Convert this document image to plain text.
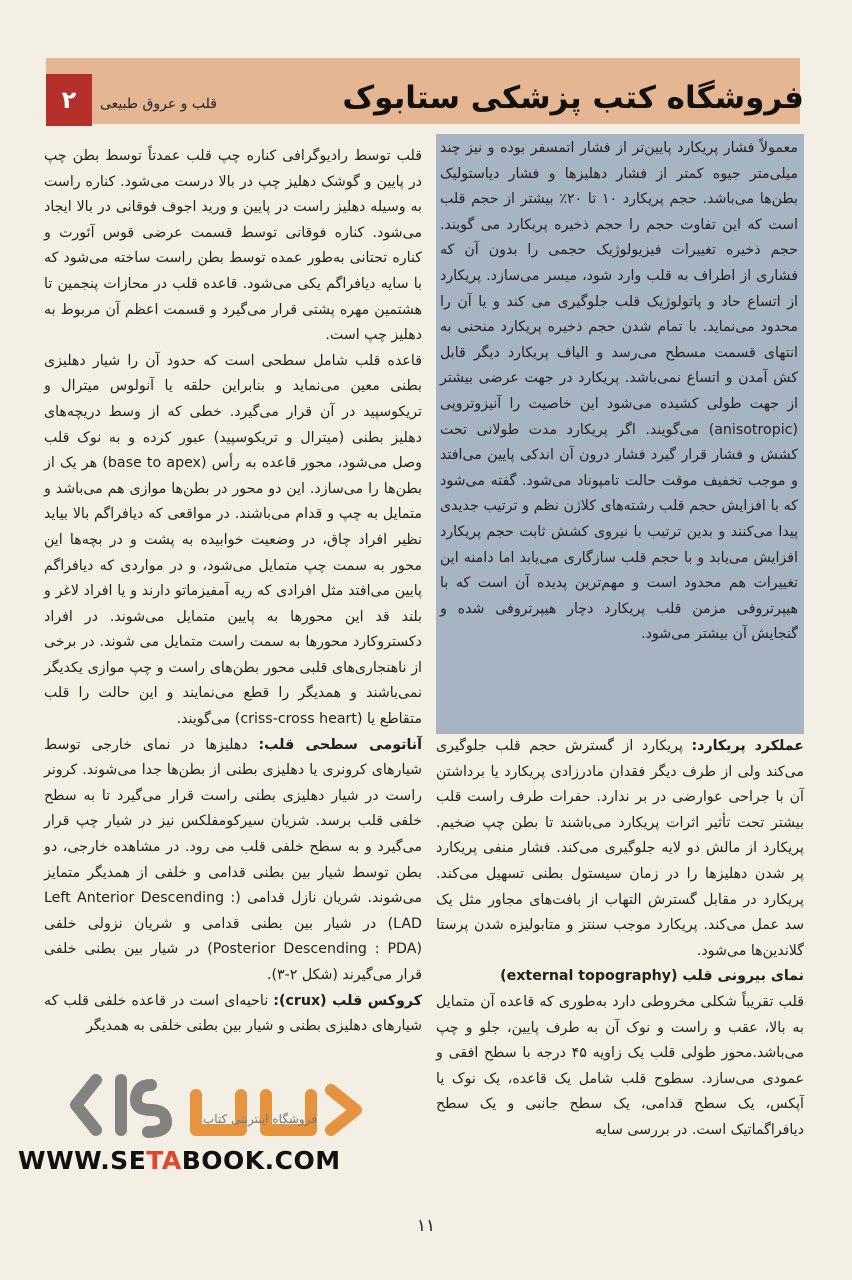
۲	قلب و عروق طبیعی	فروشگاه کتب پزشکی ستابوک

قلب توسط رادیوگرافی کناره چپ قلب عمدتاً توسط بطن چپ در پایین و گوشک دهلیز چپ در بالا درست می‌شود. کناره راست به وسیله دهلیز راست در پایین و ورید اجوف فوقانی در بالا ایجاد می‌شود. کناره فوقانی توسط قسمت عرضی قوس آئورت و کناره تحتانی به‌طور عمده توسط بطن راست ساخته می‌شود که با سایه دیافراگم یکی می‌شود. قاعده قلب در محازات پنجمین تا هشتمین مهره پشتی قرار می‌گیرد و قسمت اعظم آن مربوط به دهلیز چپ است.

قاعده قلب شامل سطحی است که حدود آن را شیار دهلیزی بطنی معین می‌نماید و بنابراین حلقه یا آنولوس میترال و تریکوسپید در آن قرار می‌گیرد. خطی که از وسط دریچه‌های دهلیز بطنی (میترال و تریکوسپید) عبور کرده و به نوک قلب وصل می‌شود، محور قاعده به رأس (base to apex) هر یک از بطن‌ها را می‌سازد. این دو محور در بطن‌ها موازی هم می‌باشد و متمایل به چپ و قدام می‌باشند. در مواقعی که دیافراگم بالا بیاید نظیر افراد چاق، در وضعیت خوابیده به پشت و در بچه‌ها این محور به سمت چپ متمایل می‌شود، و در مواردی که دیافراگم پایین می‌افتد مثل افرادی که ریه آمفیزماتو دارند و یا افراد لاغر و بلند قد این محورها به پایین متمایل می‌شوند. در افراد دکستروکارد محورها به سمت راست متمایل می شوند. در برخی از ناهنجاری‌های قلبی محور بطن‌های راست و چپ موازی یکدیگر نمی‌باشند و همدیگر را قطع می‌نمایند و این حالت را قلب متقاطع یا (criss-cross heart) می‌گویند.

آناتومی سطحی قلب: دهلیزها در نمای خارجی توسط شیارهای کرونری یا دهلیزی بطنی از بطن‌ها جدا می‌شوند. کرونر راست در شیار دهلیزی بطنی راست قرار می‌گیرد تا به سطح خلفی قلب برسد. شریان سیرکومفلکس نیز در شیار چپ قرار می‌گیرد و به سطح خلفی قلب می رود. در مشاهده خارجی، دو بطن توسط شیار بین بطنی قدامی و خلفی از همدیگر متمایز می‌شوند. شریان نازل قدامی (Left Anterior Descending : LAD) در شیار بین بطنی قدامی و شریان نزولی خلفی (Posterior Descending : PDA) در شیار بین بطنی خلفی قرار می‌گیرند (شکل ۲-۳).

کروکس قلب (crux): ناحیه‌ای است در قاعده خلفی قلب که شیارهای دهلیزی بطنی و شیار بین بطنی خلفی به همدیگر

معمولاً فشار پریکارد پایین‌تر از فشار اتمسفر بوده و نیز چند میلی‌متر جیوه کمتر از فشار دهلیزها و فشار دیاستولیک بطن‌ها می‌باشد. حجم پریکارد ۱۰ تا ۲۰٪ بیشتر از حجم قلب است که این تفاوت حجم را حجم ذخیره پریکارد می گویند. حجم ذخیره تغییرات فیزیولوژیک حجمی را بدون آن که فشاری از اطراف به قلب وارد شود، میسر می‌سازد. پریکارد از اتساع حاد و پاتولوژیک قلب جلوگیری می کند و یا آن را محدود می‌نماید. با تمام شدن حجم ذخیره پریکارد منحنی به انتهای قسمت مسطح می‌رسد و الیاف پریکارد دیگر قابل کش آمدن و اتساع نمی‌باشد. پریکارد در جهت عرضی بیشتر از جهت طولی کشیده می‌شود این خاصیت را آنیزوتروپی (anisotropic) می‌گویند. اگر پریکارد مدت طولانی تحت کشش و فشار قرار گیرد فشار درون آن اندکی پایین می‌افتد و موجب تخفیف موقت حالت تامپوناد می‌شود. گفته می‌شود که با افزایش حجم قلب رشته‌های کلاژن نظم و ترتیب جدیدی پیدا می‌کنند و بدین ترتیب با نیروی کشش ثابت حجم پریکارد افزایش می‌یابد و با حجم قلب سازگاری می‌یابد اما دامنه این تغییرات هم محدود است و مهم‌ترین پدیده آن است که با هیپرتروفی مزمن قلب پریکارد دچار هیپرتروفی شده و گنجایش آن بیشتر می‌شود.

عملکرد پریکارد: پریکارد از گسترش حجم قلب جلوگیری می‌کند ولی از طرف دیگر فقدان مادرزادی پریکارد یا برداشتن آن با جراحی عوارضی در بر ندارد. حفرات طرف راست قلب بیشتر تحت تأثیر اثرات پریکارد می‌باشند تا بطن چپ ضخیم. پریکارد از مالش دو لایه جلوگیری می‌کند. فشار منفی پریکارد پر شدن دهلیزها را در زمان سیستول بطنی تسهیل می‌کند. پریکارد در مقابل گسترش التهاب از بافت‌های مجاور مثل یک سد عمل می‌کند. پریکارد موجب سنتز و متابولیزه شدن پرستا گلاندین‌ها می‌شود.

نمای بیرونی قلب (external topography)

قلب تقریباً شکلی مخروطی دارد به‌طوری که قاعده آن متمایل به بالا، عقب و راست و نوک آن به طرف پایین، جلو و چپ می‌باشد.محور طولی قلب یک زاویه ۴۵ درجه با سطح افقی و عمودی می‌سازد. سطوح قلب شامل یک قاعده، یک نوک یا آپکس، یک سطح قدامی، یک سطح جانبی و یک سطح دیافراگماتیک است. در بررسی سایه

فروشگاه اینترنتی کتاب
WWW.SETABOOK.COM
۱۱
